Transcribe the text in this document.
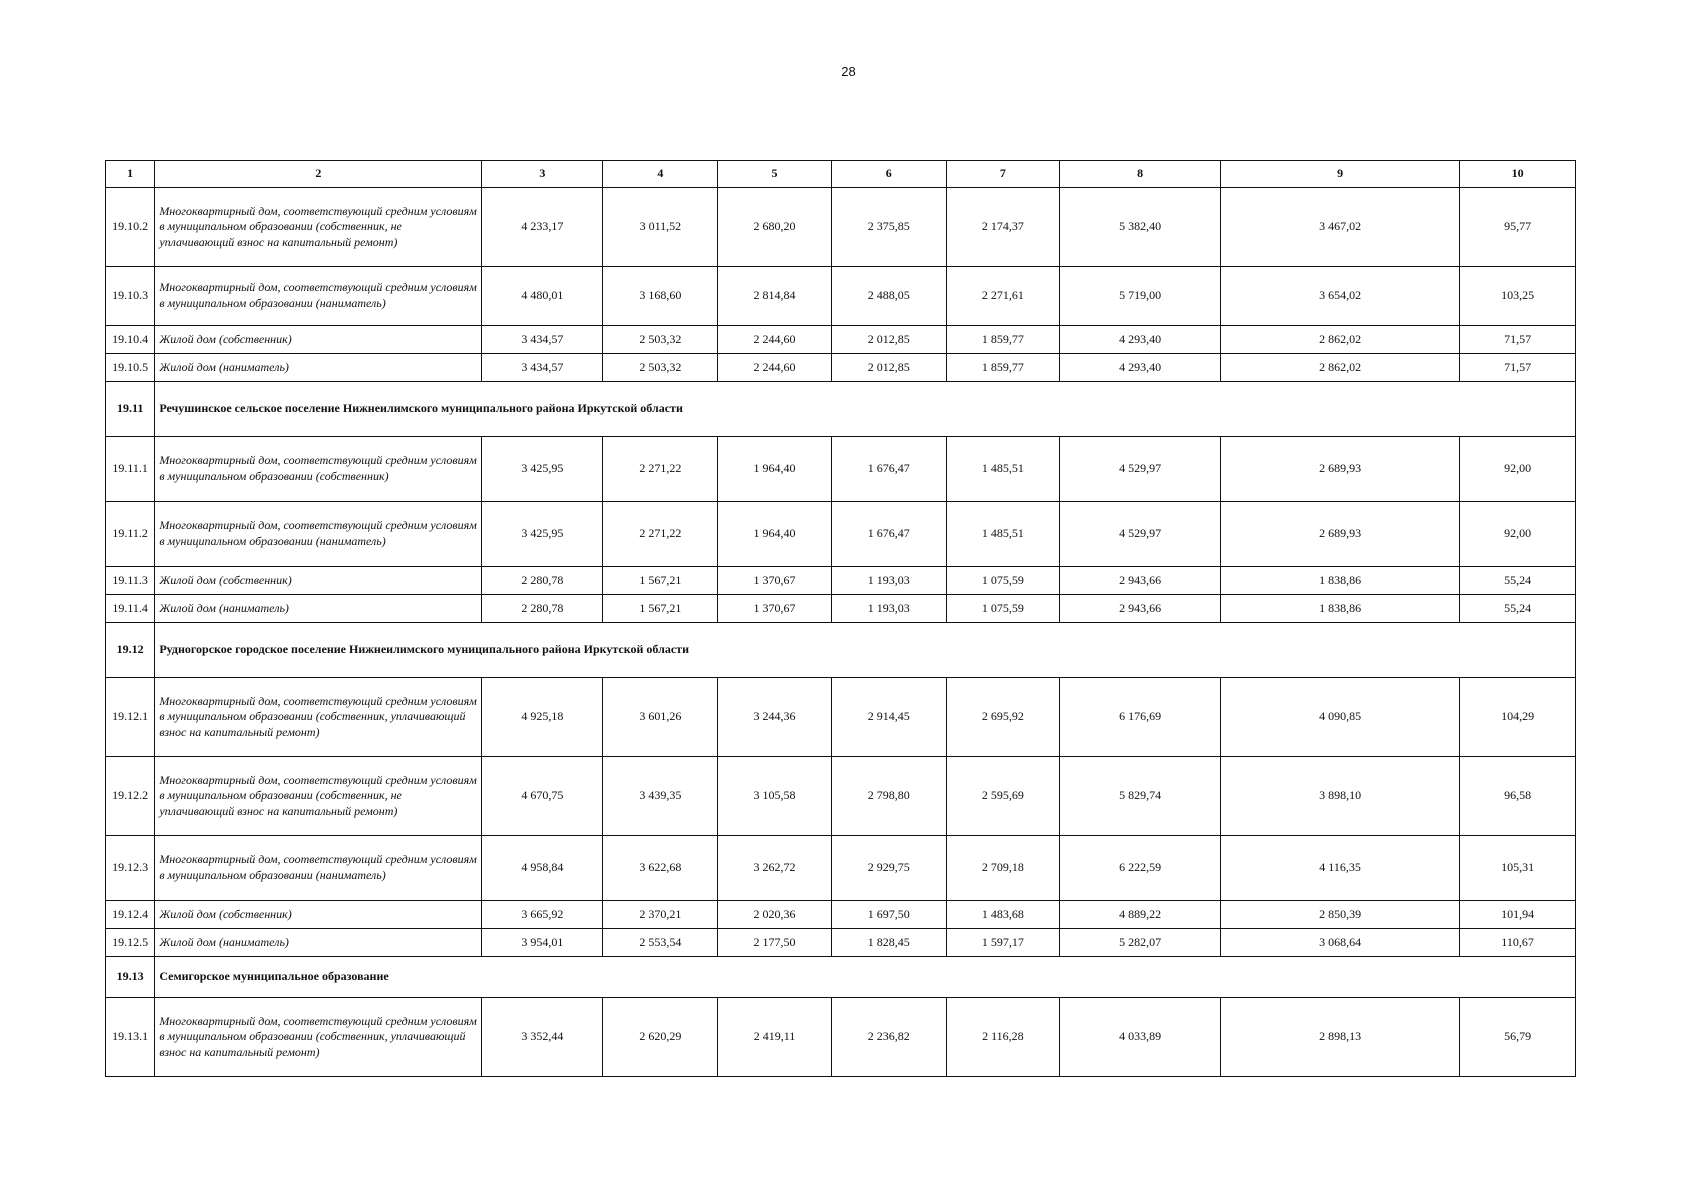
28
1	2	3	4	5	6	7	8	9	10
19.10.2	Многоквартирный дом, соответствующий средним условиям в муниципальном образовании (собственник, не уплачивающий взнос на капитальный ремонт)	4 233,17	3 011,52	2 680,20	2 375,85	2 174,37	5 382,40	3 467,02	95,77
19.10.3	Многоквартирный дом, соответствующий средним условиям в муниципальном образовании (наниматель)	4 480,01	3 168,60	2 814,84	2 488,05	2 271,61	5 719,00	3 654,02	103,25
19.10.4	Жилой дом (собственник)	3 434,57	2 503,32	2 244,60	2 012,85	1 859,77	4 293,40	2 862,02	71,57
19.10.5	Жилой дом (наниматель)	3 434,57	2 503,32	2 244,60	2 012,85	1 859,77	4 293,40	2 862,02	71,57
19.11	Речушинское сельское поселение Нижнеилимского муниципального района Иркутской области								
19.11.1	Многоквартирный дом, соответствующий средним условиям в муниципальном образовании (собственник)	3 425,95	2 271,22	1 964,40	1 676,47	1 485,51	4 529,97	2 689,93	92,00
19.11.2	Многоквартирный дом, соответствующий средним условиям в муниципальном образовании (наниматель)	3 425,95	2 271,22	1 964,40	1 676,47	1 485,51	4 529,97	2 689,93	92,00
19.11.3	Жилой дом (собственник)	2 280,78	1 567,21	1 370,67	1 193,03	1 075,59	2 943,66	1 838,86	55,24
19.11.4	Жилой дом (наниматель)	2 280,78	1 567,21	1 370,67	1 193,03	1 075,59	2 943,66	1 838,86	55,24
19.12	Рудногорское городское поселение Нижнеилимского муниципального района Иркутской области								
19.12.1	Многоквартирный дом, соответствующий средним условиям в муниципальном образовании (собственник, уплачивающий взнос на капитальный ремонт)	4 925,18	3 601,26	3 244,36	2 914,45	2 695,92	6 176,69	4 090,85	104,29
19.12.2	Многоквартирный дом, соответствующий средним условиям в муниципальном образовании (собственник, не уплачивающий взнос на капитальный ремонт)	4 670,75	3 439,35	3 105,58	2 798,80	2 595,69	5 829,74	3 898,10	96,58
19.12.3	Многоквартирный дом, соответствующий средним условиям в муниципальном образовании (наниматель)	4 958,84	3 622,68	3 262,72	2 929,75	2 709,18	6 222,59	4 116,35	105,31
19.12.4	Жилой дом (собственник)	3 665,92	2 370,21	2 020,36	1 697,50	1 483,68	4 889,22	2 850,39	101,94
19.12.5	Жилой дом (наниматель)	3 954,01	2 553,54	2 177,50	1 828,45	1 597,17	5 282,07	3 068,64	110,67
19.13	Семигорское муниципальное образование								
19.13.1	Многоквартирный дом, соответствующий средним условиям в муниципальном образовании (собственник, уплачивающий взнос на капитальный ремонт)	3 352,44	2 620,29	2 419,11	2 236,82	2 116,28	4 033,89	2 898,13	56,79
